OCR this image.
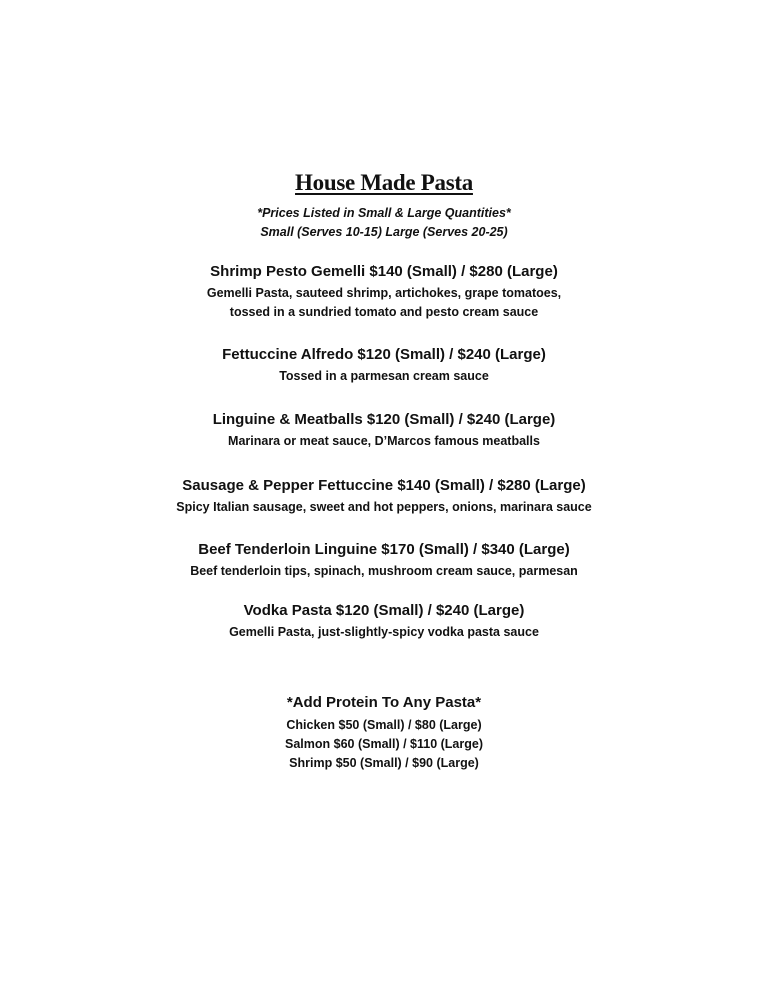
House Made Pasta
*Prices Listed in Small & Large Quantities*
Small (Serves 10-15) Large (Serves 20-25)
Shrimp Pesto Gemelli $140 (Small) / $280 (Large)
Gemelli Pasta, sauteed shrimp, artichokes, grape tomatoes,
tossed in a sundried tomato and pesto cream sauce
Fettuccine Alfredo $120 (Small) / $240 (Large)
Tossed in a parmesan cream sauce
Linguine & Meatballs $120 (Small) / $240 (Large)
Marinara or meat sauce, D’Marcos famous meatballs
Sausage & Pepper Fettuccine $140 (Small) / $280 (Large)
Spicy Italian sausage, sweet and hot peppers, onions, marinara sauce
Beef Tenderloin Linguine $170 (Small) / $340 (Large)
Beef tenderloin tips, spinach, mushroom cream sauce, parmesan
Vodka Pasta $120 (Small) / $240 (Large)
Gemelli Pasta, just-slightly-spicy vodka pasta sauce
*Add Protein To Any Pasta*
Chicken $50 (Small) / $80 (Large)
Salmon $60 (Small) / $110 (Large)
Shrimp $50 (Small) / $90 (Large)
